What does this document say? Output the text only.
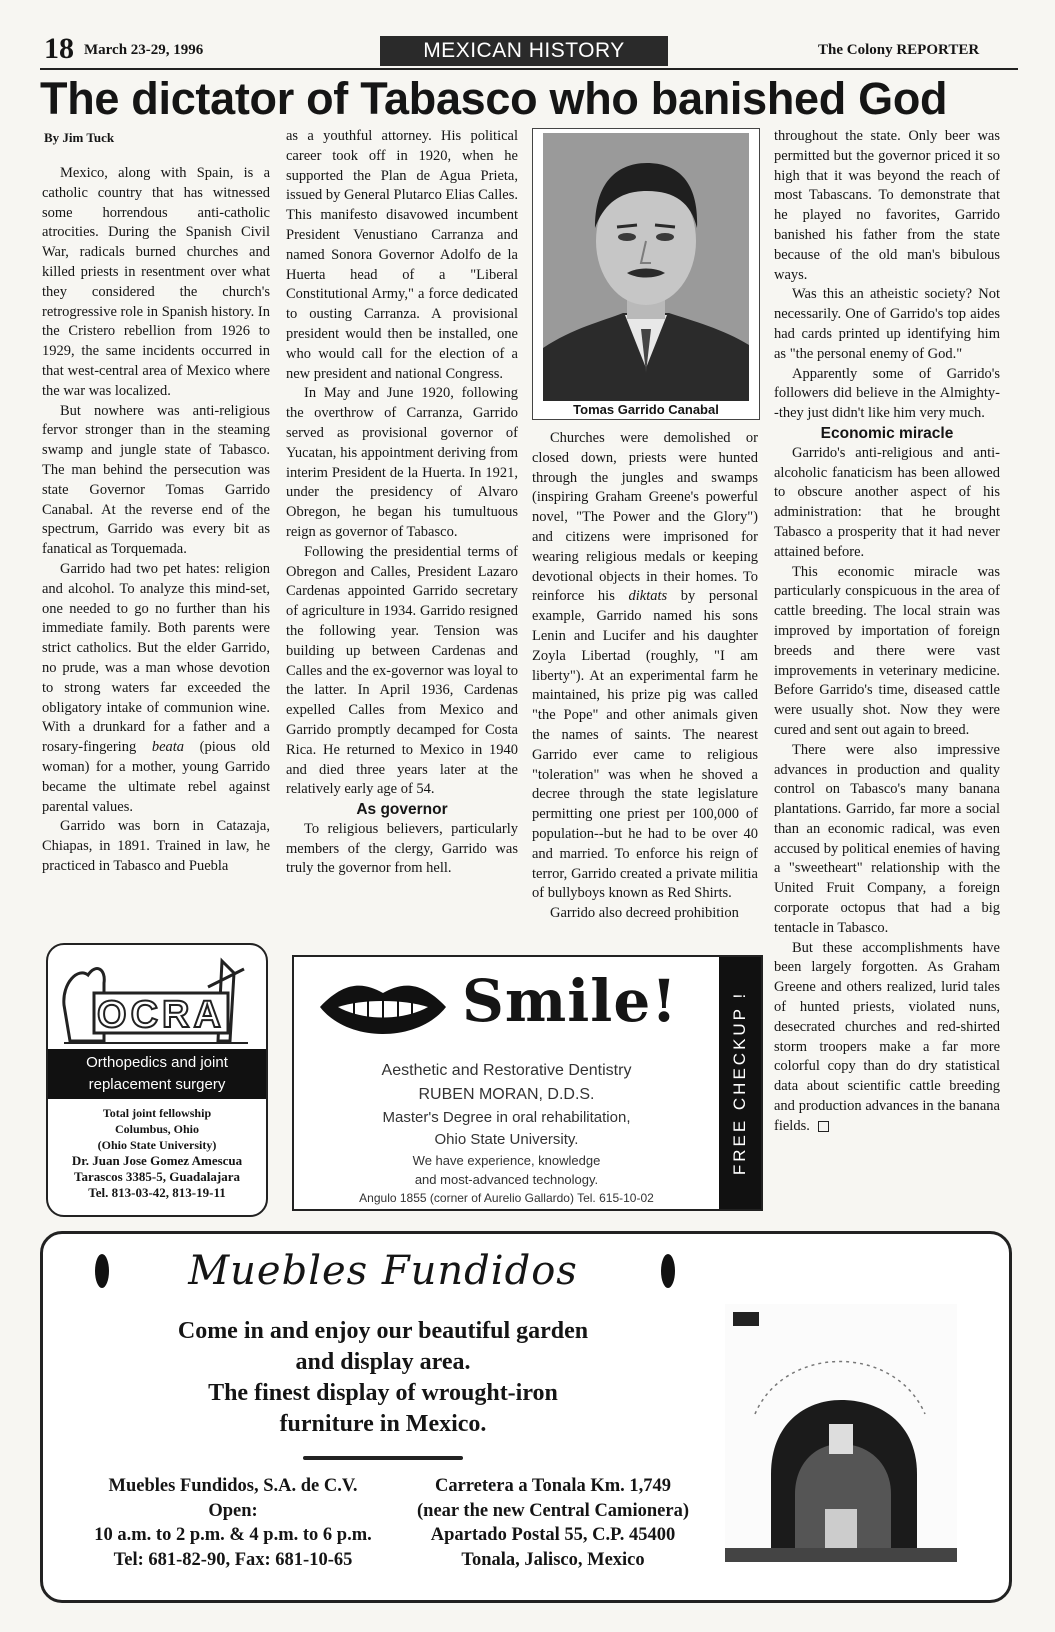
18 March 23-29, 1996	MEXICAN HISTORY	The Colony REPORTER
The dictator of Tabasco who banished God
By Jim Tuck

Mexico, along with Spain, is a catholic country that has witnessed some horrendous anti-catholic atrocities. During the Spanish Civil War, radicals burned churches and killed priests in resentment over what they considered the church's retrogressive role in Spanish history. In the Cristero rebellion from 1926 to 1929, the same incidents occurred in that west-central area of Mexico where the war was localized.

But nowhere was anti-religious fervor stronger than in the steaming swamp and jungle state of Tabasco. The man behind the persecution was state Governor Tomas Garrido Canabal. At the reverse end of the spectrum, Garrido was every bit as fanatical as Torquemada.

Garrido had two pet hates: religion and alcohol. To analyze this mind-set, one needed to go no further than his immediate family. Both parents were strict catholics. But the elder Garrido, no prude, was a man whose devotion to strong waters far exceeded the obligatory intake of communion wine. With a drunkard for a father and a rosary-fingering beata (pious old woman) for a mother, young Garrido became the ultimate rebel against parental values.

Garrido was born in Catazaja, Chiapas, in 1891. Trained in law, he practiced in Tabasco and Puebla

as a youthful attorney. His political career took off in 1920, when he supported the Plan de Agua Prieta, issued by General Plutarco Elias Calles. This manifesto disavowed incumbent President Venustiano Carranza and named Sonora Governor Adolfo de la Huerta head of a "Liberal Constitutional Army," a force dedicated to ousting Carranza. A provisional president would then be installed, one who would call for the election of a new president and national Congress.

In May and June 1920, following the overthrow of Carranza, Garrido served as provisional governor of Yucatan, his appointment deriving from interim President de la Huerta. In 1921, under the presidency of Alvaro Obregon, he began his tumultuous reign as governor of Tabasco.

Following the presidential terms of Obregon and Calles, President Lazaro Cardenas appointed Garrido secretary of agriculture in 1934. Garrido resigned the following year. Tension was building up between Cardenas and Calles and the ex-governor was loyal to the latter. In April 1936, Cardenas expelled Calles from Mexico and Garrido promptly decamped for Costa Rica. He returned to Mexico in 1940 and died three years later at the relatively early age of 54.

As governor

To religious believers, particularly members of the clergy, Garrido was truly the governor from hell.

Tomas Garrido Canabal

Churches were demolished or closed down, priests were hunted through the jungles and swamps (inspiring Graham Greene's powerful novel, "The Power and the Glory") and citizens were imprisoned for wearing religious medals or keeping devotional objects in their homes. To reinforce his diktats by personal example, Garrido named his sons Lenin and Lucifer and his daughter Zoyla Libertad (roughly, "I am liberty"). At an experimental farm he maintained, his prize pig was called "the Pope" and other animals given the names of saints. The nearest Garrido ever came to religious "toleration" was when he shoved a decree through the state legislature permitting one priest per 100,000 of population--but he had to be over 40 and married. To enforce his reign of terror, Garrido created a private militia of bullyboys known as Red Shirts.

Garrido also decreed prohibition

throughout the state. Only beer was permitted but the governor priced it so high that it was beyond the reach of most Tabascans. To demonstrate that he played no favorites, Garrido banished his father from the state because of the old man's bibulous ways.

Was this an atheistic society? Not necessarily. One of Garrido's top aides had cards printed up identifying him as "the personal enemy of God."

Apparently some of Garrido's followers did believe in the Almighty--they just didn't like him very much.

Economic miracle

Garrido's anti-religious and anti-alcoholic fanaticism has been allowed to obscure another aspect of his administration: that he brought Tabasco a prosperity that it had never attained before.

This economic miracle was particularly conspicuous in the area of cattle breeding. The local strain was improved by importation of foreign breeds and there were vast improvements in veterinary medicine. Before Garrido's time, diseased cattle were usually shot. Now they were cured and sent out again to breed.

There were also impressive advances in production and quality control on Tabasco's many banana plantations. Garrido, far more a social than an economic radical, was even accused by political enemies of having a "sweetheart" relationship with the United Fruit Company, a foreign corporate octopus that had a big tentacle in Tabasco.

But these accomplishments have been largely forgotten. As Graham Greene and others realized, lurid tales of hunted priests, violated nuns, desecrated churches and red-shirted storm troopers make a far more colorful copy than do dry statistical data about scientific cattle breeding and production advances in the banana fields.

OCRA
Orthopedics and joint
replacement surgery
Total joint fellowship
Columbus, Ohio
(Ohio State University)
Dr. Juan Jose Gomez Amescua
Tarascos 3385-5, Guadalajara
Tel. 813-03-42, 813-19-11
Smile!
Aesthetic and Restorative Dentistry
RUBEN MORAN, D.D.S.
Master's Degree in oral rehabilitation,
Ohio State University.
We have experience, knowledge
and most-advanced technology.
Angulo 1855 (corner of Aurelio Gallardo) Tel. 615-10-02
FREE CHECKUP !
Muebles Fundidos
Come in and enjoy our beautiful garden
and display area.
The finest display of wrought-iron
furniture in Mexico.
Muebles Fundidos, S.A. de C.V.
Open:
10 a.m. to 2 p.m. & 4 p.m. to 6 p.m.
Tel: 681-82-90, Fax: 681-10-65
Carretera a Tonala Km. 1,749
(near the new Central Camionera)
Apartado Postal 55, C.P. 45400
Tonala, Jalisco, Mexico
